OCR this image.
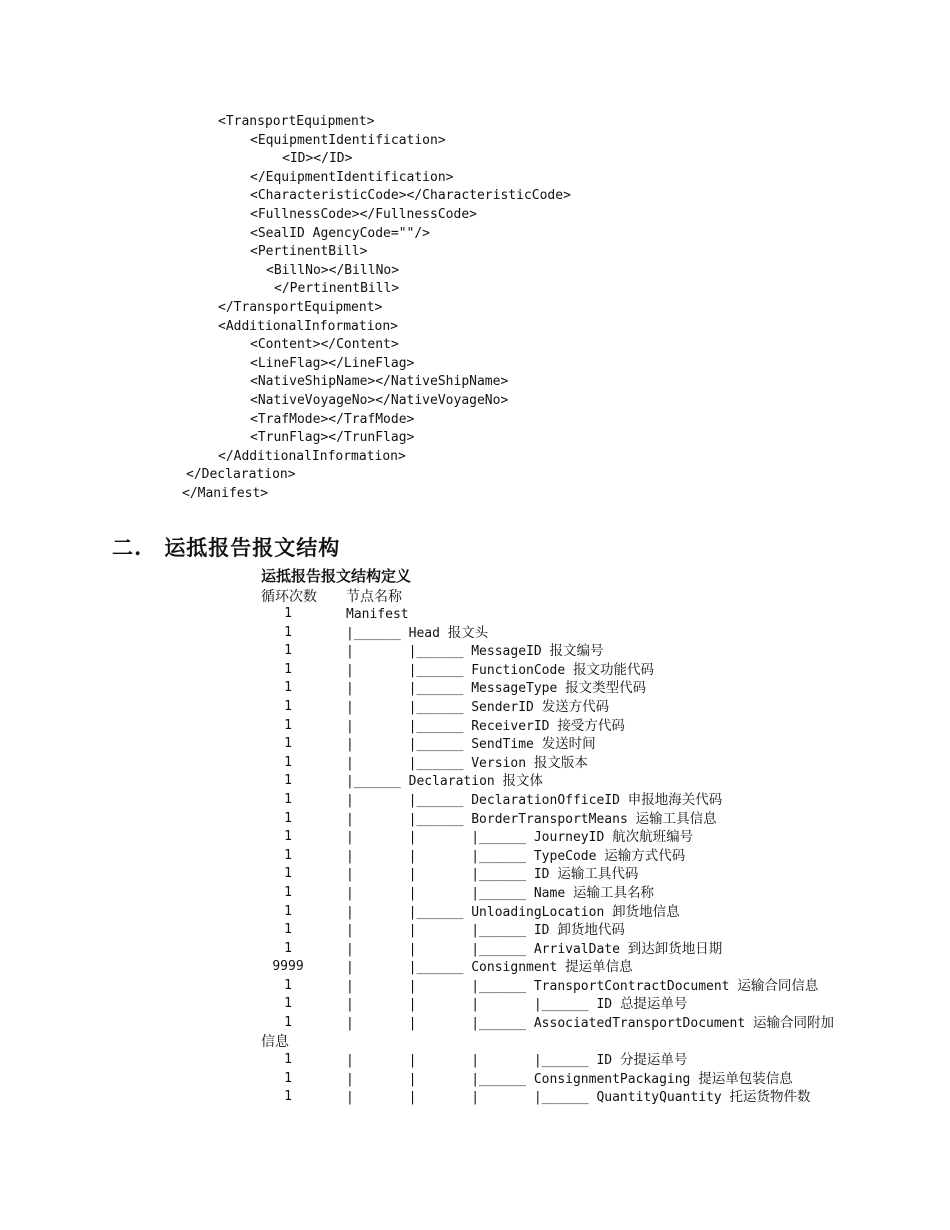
<TransportEquipment>
<EquipmentIdentification>
<ID></ID>
</EquipmentIdentification>
<CharacteristicCode></CharacteristicCode>
<FullnessCode></FullnessCode>
<SealID AgencyCode=""/>
<PertinentBill>
<BillNo></BillNo>
</PertinentBill>
</TransportEquipment>
<AdditionalInformation>
<Content></Content>
<LineFlag></LineFlag>
<NativeShipName></NativeShipName>
<NativeVoyageNo></NativeVoyageNo>
<TrafMode></TrafMode>
<TrunFlag></TrunFlag>
</AdditionalInformation>
</Declaration>
</Manifest>
二. 运抵报告报文结构
运抵报告报文结构定义
循环次数 节点名称
1	Manifest
1	|______ Head 报文头
1	|       |______ MessageID 报文编号
1	|       |______ FunctionCode 报文功能代码
1	|       |______ MessageType 报文类型代码
1	|       |______ SenderID 发送方代码
1	|       |______ ReceiverID 接受方代码
1	|       |______ SendTime 发送时间
1	|       |______ Version 报文版本
1	|______ Declaration 报文体
1	|       |______ DeclarationOfficeID 申报地海关代码
1	|       |______ BorderTransportMeans 运输工具信息
1	|       |       |______ JourneyID 航次航班编号
1	|       |       |______ TypeCode 运输方式代码
1	|       |       |______ ID 运输工具代码
1	|       |       |______ Name 运输工具名称
1	|       |______ UnloadingLocation 卸货地信息
1	|       |       |______ ID 卸货地代码
1	|       |       |______ ArrivalDate 到达卸货地日期
9999	|       |______ Consignment 提运单信息
1	|       |       |______ TransportContractDocument 运输合同信息
1	|       |       |       |______ ID 总提运单号
1	|       |       |______ AssociatedTransportDocument 运输合同附加
信息
1	|       |       |       |______ ID 分提运单号
1	|       |       |______ ConsignmentPackaging 提运单包装信息
1	|       |       |       |______ QuantityQuantity 托运货物件数
